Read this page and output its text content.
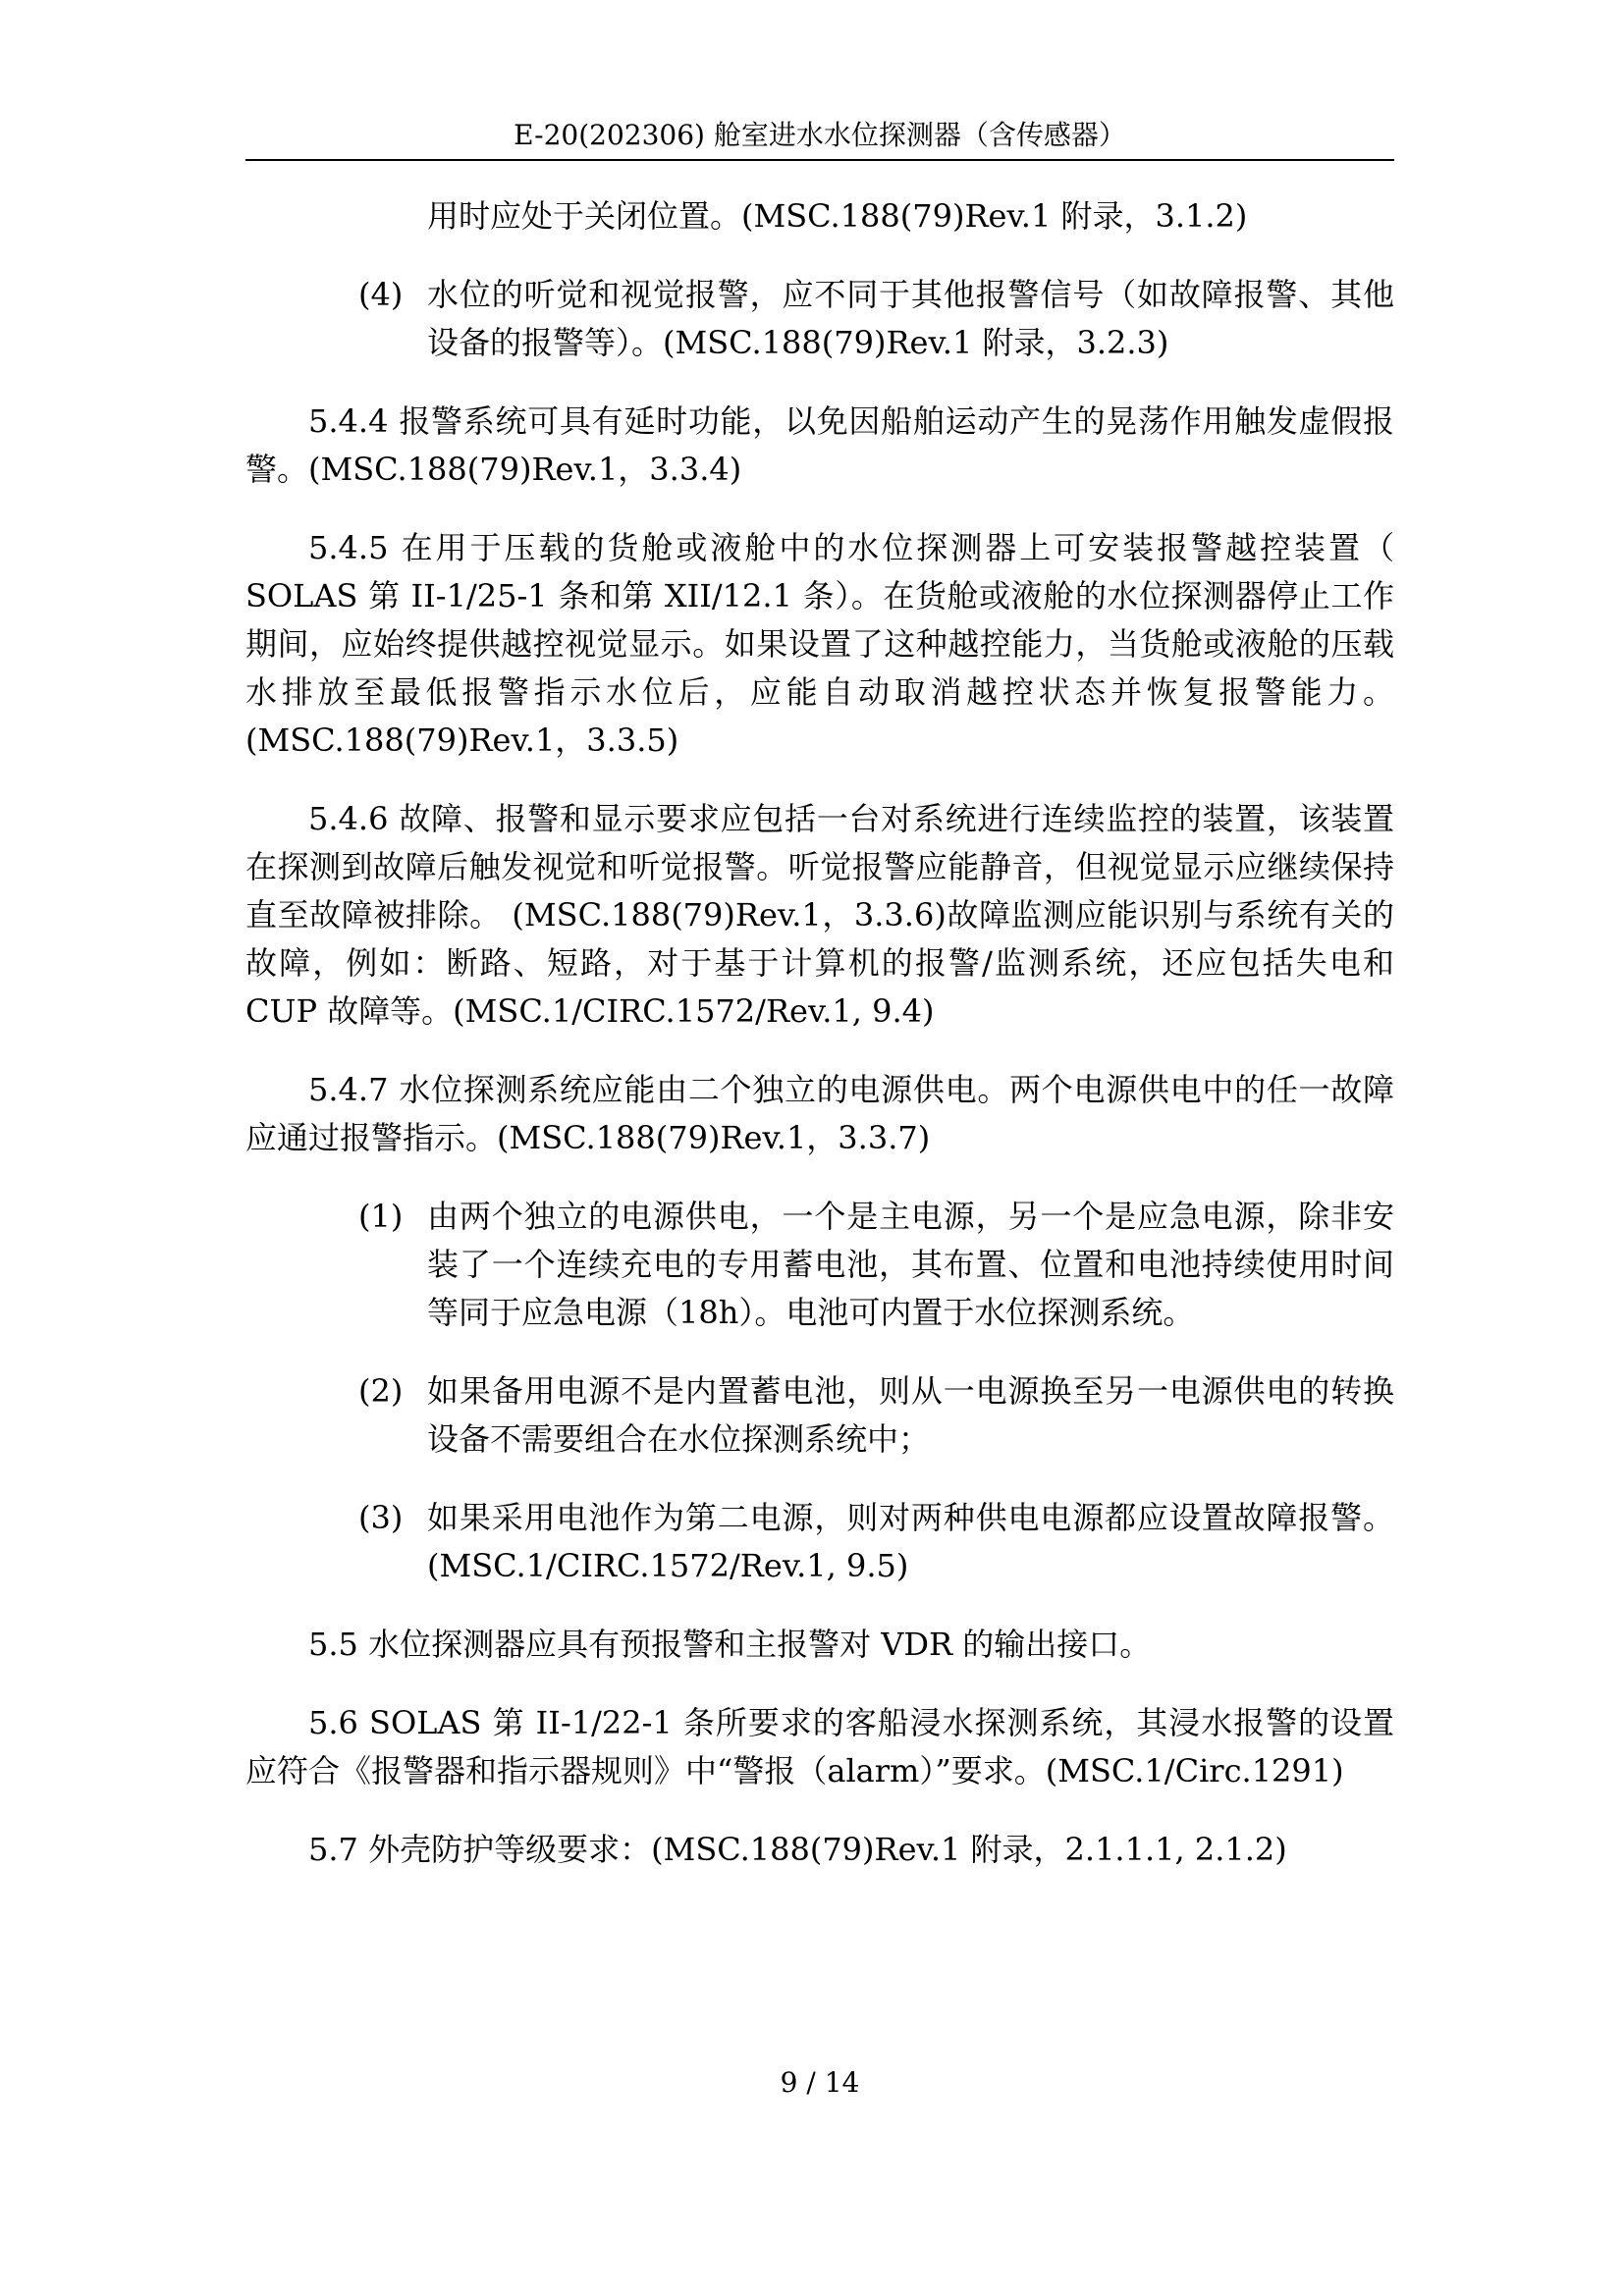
E-20(202306) 舱室进水水位探测器（含传感器）

用时应处于关闭位置。(MSC.188(79)Rev.1 附录，3.1.2)

(4) 水位的听觉和视觉报警，应不同于其他报警信号（如故障报警、其他设备的报警等）。(MSC.188(79)Rev.1 附录，3.2.3)

5.4.4 报警系统可具有延时功能，以免因船舶运动产生的晃荡作用触发虚假报警。(MSC.188(79)Rev.1，3.3.4)

5.4.5 在用于压载的货舱或液舱中的水位探测器上可安装报警越控装置（ SOLAS 第 II-1/25-1 条和第 XII/12.1 条）。在货舱或液舱的水位探测器停止工作期间，应始终提供越控视觉显示。如果设置了这种越控能力，当货舱或液舱的压载水排放至最低报警指示水位后，应能自动取消越控状态并恢复报警能力。(MSC.188(79)Rev.1，3.3.5)

5.4.6 故障、报警和显示要求应包括一台对系统进行连续监控的装置，该装置在探测到故障后触发视觉和听觉报警。听觉报警应能静音，但视觉显示应继续保持直至故障被排除。 (MSC.188(79)Rev.1，3.3.6)故障监测应能识别与系统有关的故障，例如：断路、短路，对于基于计算机的报警/监测系统，还应包括失电和 CUP 故障等。(MSC.1/CIRC.1572/Rev.1, 9.4)

5.4.7 水位探测系统应能由二个独立的电源供电。两个电源供电中的任一故障应通过报警指示。(MSC.188(79)Rev.1，3.3.7)

(1) 由两个独立的电源供电，一个是主电源，另一个是应急电源，除非安装了一个连续充电的专用蓄电池，其布置、位置和电池持续使用时间等同于应急电源（18h）。电池可内置于水位探测系统。
(2) 如果备用电源不是内置蓄电池，则从一电源换至另一电源供电的转换设备不需要组合在水位探测系统中；
(3) 如果采用电池作为第二电源，则对两种供电电源都应设置故障报警。(MSC.1/CIRC.1572/Rev.1, 9.5)

5.5 水位探测器应具有预报警和主报警对 VDR 的输出接口。

5.6 SOLAS 第 II-1/22-1 条所要求的客船浸水探测系统，其浸水报警的设置应符合《报警器和指示器规则》中“警报（alarm）”要求。(MSC.1/Circ.1291)

5.7 外壳防护等级要求：(MSC.188(79)Rev.1 附录，2.1.1.1, 2.1.2)

9 / 14
